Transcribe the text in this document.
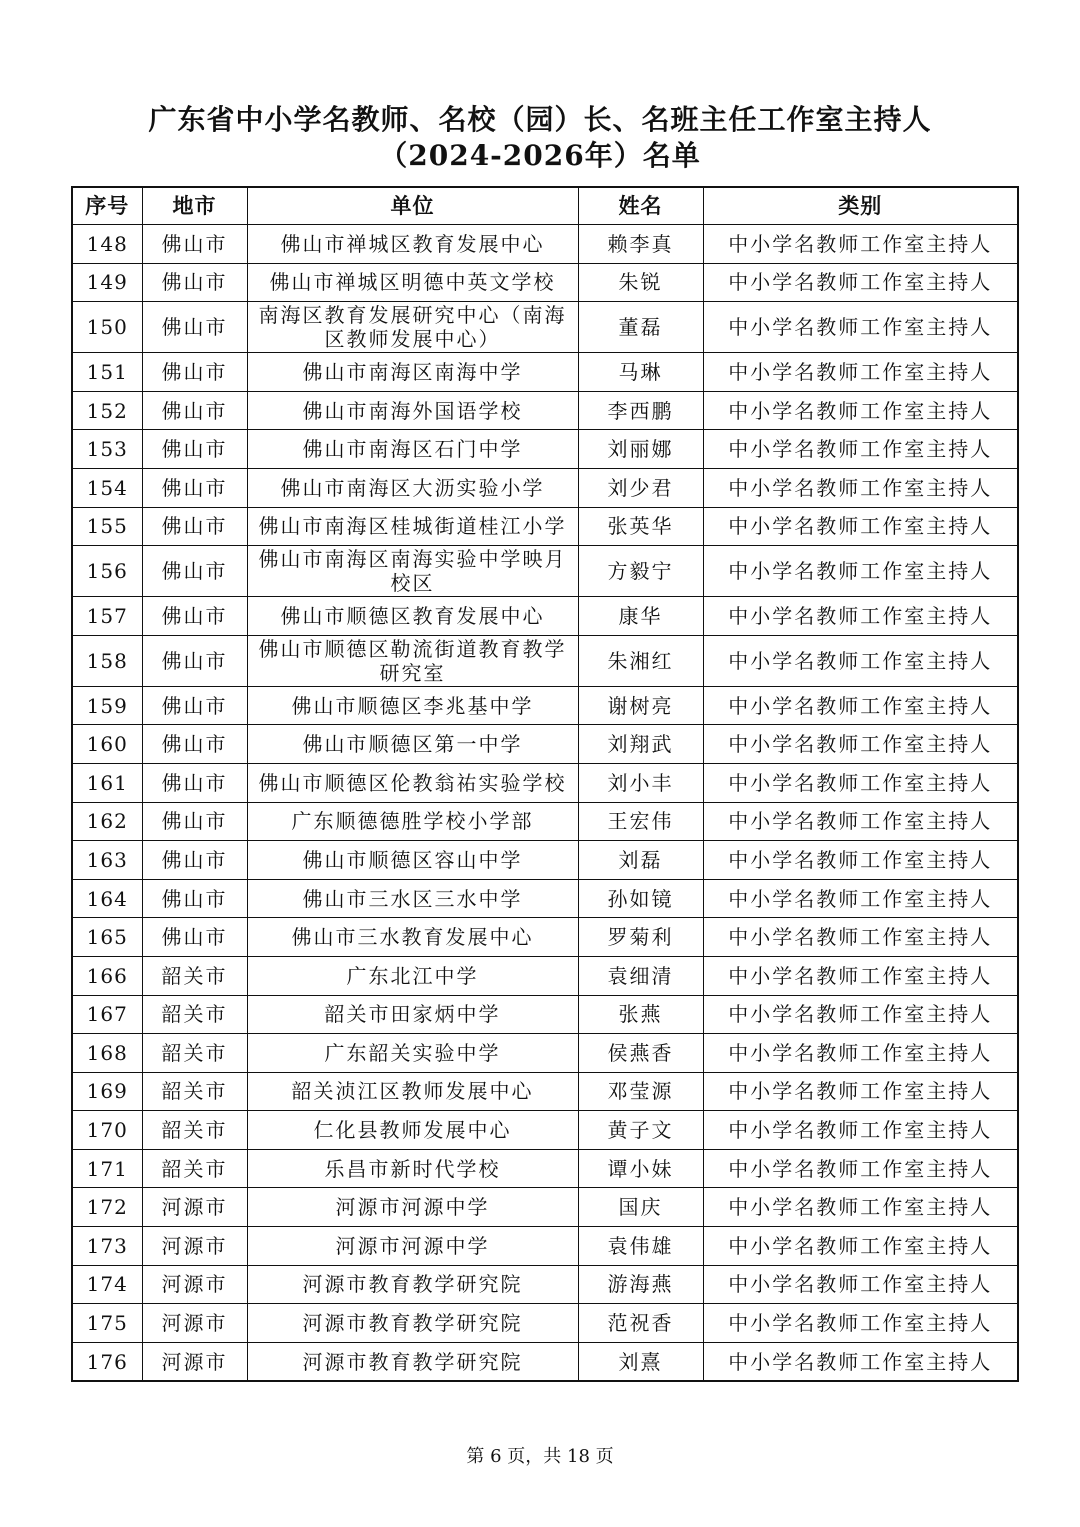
广东省中小学名教师、名校（园）长、名班主任工作室主持人
（2024-2026年）名单
序号	地市	单位	姓名	类别
148	佛山市	佛山市禅城区教育发展中心	赖李真	中小学名教师工作室主持人
149	佛山市	佛山市禅城区明德中英文学校	朱锐	中小学名教师工作室主持人
150	佛山市	南海区教育发展研究中心（南海区教师发展中心）	董磊	中小学名教师工作室主持人
151	佛山市	佛山市南海区南海中学	马琳	中小学名教师工作室主持人
152	佛山市	佛山市南海外国语学校	李西鹏	中小学名教师工作室主持人
153	佛山市	佛山市南海区石门中学	刘丽娜	中小学名教师工作室主持人
154	佛山市	佛山市南海区大沥实验小学	刘少君	中小学名教师工作室主持人
155	佛山市	佛山市南海区桂城街道桂江小学	张英华	中小学名教师工作室主持人
156	佛山市	佛山市南海区南海实验中学映月校区	方毅宁	中小学名教师工作室主持人
157	佛山市	佛山市顺德区教育发展中心	康华	中小学名教师工作室主持人
158	佛山市	佛山市顺德区勒流街道教育教学研究室	朱湘红	中小学名教师工作室主持人
159	佛山市	佛山市顺德区李兆基中学	谢树亮	中小学名教师工作室主持人
160	佛山市	佛山市顺德区第一中学	刘翔武	中小学名教师工作室主持人
161	佛山市	佛山市顺德区伦教翁祐实验学校	刘小丰	中小学名教师工作室主持人
162	佛山市	广东顺德德胜学校小学部	王宏伟	中小学名教师工作室主持人
163	佛山市	佛山市顺德区容山中学	刘磊	中小学名教师工作室主持人
164	佛山市	佛山市三水区三水中学	孙如镜	中小学名教师工作室主持人
165	佛山市	佛山市三水教育发展中心	罗菊利	中小学名教师工作室主持人
166	韶关市	广东北江中学	袁细清	中小学名教师工作室主持人
167	韶关市	韶关市田家炳中学	张燕	中小学名教师工作室主持人
168	韶关市	广东韶关实验中学	侯燕香	中小学名教师工作室主持人
169	韶关市	韶关浈江区教师发展中心	邓莹源	中小学名教师工作室主持人
170	韶关市	仁化县教师发展中心	黄子文	中小学名教师工作室主持人
171	韶关市	乐昌市新时代学校	谭小妹	中小学名教师工作室主持人
172	河源市	河源市河源中学	国庆	中小学名教师工作室主持人
173	河源市	河源市河源中学	袁伟雄	中小学名教师工作室主持人
174	河源市	河源市教育教学研究院	游海燕	中小学名教师工作室主持人
175	河源市	河源市教育教学研究院	范祝香	中小学名教师工作室主持人
176	河源市	河源市教育教学研究院	刘熹	中小学名教师工作室主持人
第 6 页，共 18 页
